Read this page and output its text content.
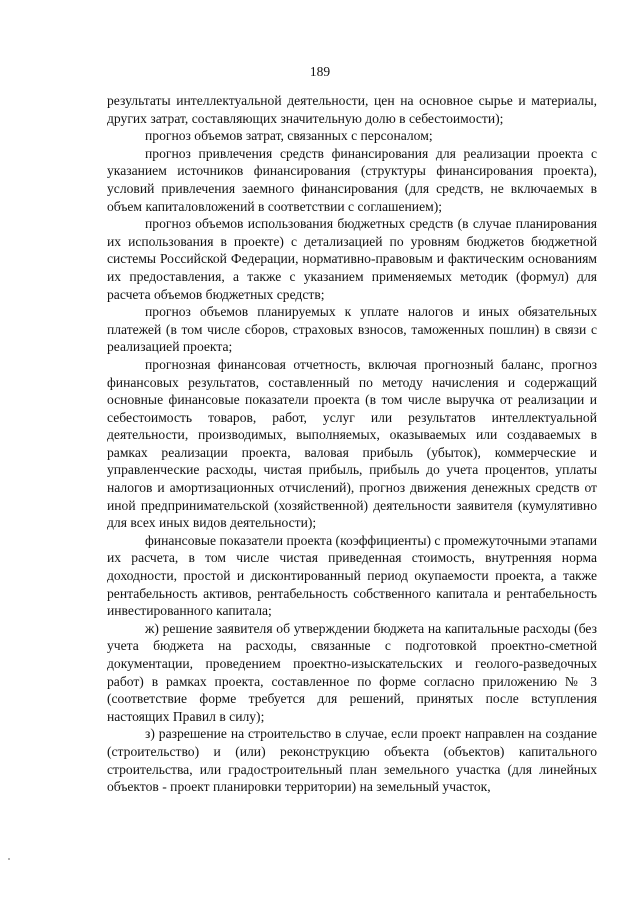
189

результаты интеллектуальной деятельности, цен на основное сырье и материалы, других затрат, составляющих значительную долю в себестоимости);

прогноз объемов затрат, связанных с персоналом;

прогноз привлечения средств финансирования для реализации проекта с указанием источников финансирования (структуры финансирования проекта), условий привлечения заемного финансирования (для средств, не включаемых в объем капиталовложений в соответствии с соглашением);

прогноз объемов использования бюджетных средств (в случае планирования их использования в проекте) с детализацией по уровням бюджетов бюджетной системы Российской Федерации, нормативно-правовым и фактическим основаниям их предоставления, а также с указанием применяемых методик (формул) для расчета объемов бюджетных средств;

прогноз объемов планируемых к уплате налогов и иных обязательных платежей (в том числе сборов, страховых взносов, таможенных пошлин) в связи с реализацией проекта;

прогнозная финансовая отчетность, включая прогнозный баланс, прогноз финансовых результатов, составленный по методу начисления и содержащий основные финансовые показатели проекта (в том числе выручка от реализации и себестоимость товаров, работ, услуг или результатов интеллектуальной деятельности, производимых, выполняемых, оказываемых или создаваемых в рамках реализации проекта, валовая прибыль (убыток), коммерческие и управленческие расходы, чистая прибыль, прибыль до учета процентов, уплаты налогов и амортизационных отчислений), прогноз движения денежных средств от иной предпринимательской (хозяйственной) деятельности заявителя (кумулятивно для всех иных видов деятельности);

финансовые показатели проекта (коэффициенты) с промежуточными этапами их расчета, в том числе чистая приведенная стоимость, внутренняя норма доходности, простой и дисконтированный период окупаемости проекта, а также рентабельность активов, рентабельность собственного капитала и рентабельность инвестированного капитала;

ж) решение заявителя об утверждении бюджета на капитальные расходы (без учета бюджета на расходы, связанные с подготовкой проектно-сметной документации, проведением проектно-изыскательских и геолого-разведочных работ) в рамках проекта, составленное по форме согласно приложению № 3 (соответствие форме требуется для решений, принятых после вступления настоящих Правил в силу);

з) разрешение на строительство в случае, если проект направлен на создание (строительство) и (или) реконструкцию объекта (объектов) капитального строительства, или градостроительный план земельного участка (для линейных объектов - проект планировки территории) на земельный участок,
